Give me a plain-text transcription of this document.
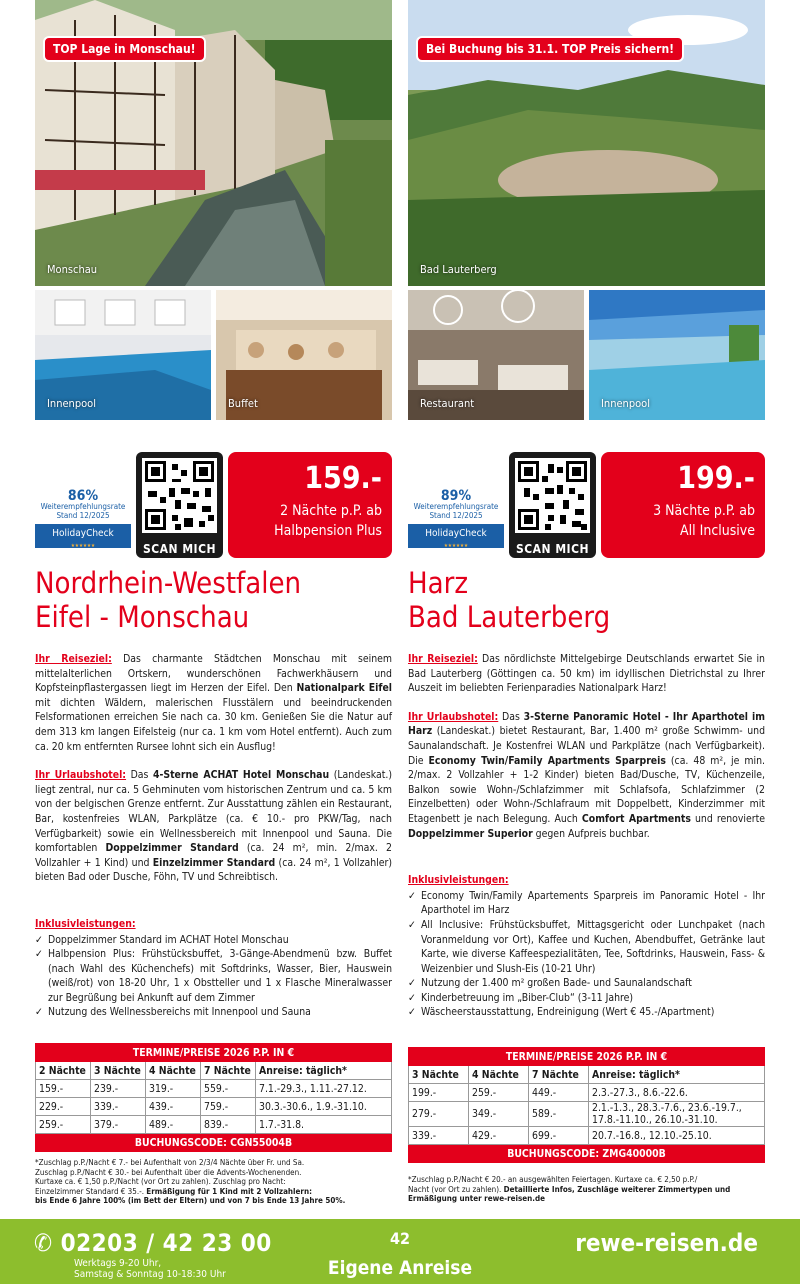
TOP Lage in Monschau!
Monschau
Innenpool	Buffet
86%
Weiterempfehlungsrate
Stand 12/2025
HolidayCheck
★★★★★★	SCAN MICH
159.-
2 Nächte p.P. ab
Halbpension Plus
Nordrhein-Westfalen
Eifel - Monschau

Ihr Reiseziel: Das charmante Städtchen Monschau mit seinem mittelalterlichen Ortskern, wunderschönen Fachwerkhäusern und Kopfsteinpflastergassen liegt im Herzen der Eifel. Den Nationalpark Eifel mit dichten Wäldern, malerischen Flusstälern und beeindruckenden Felsformationen erreichen Sie nach ca. 30 km. Genießen Sie die Natur auf dem 313 km langen Eifelsteig (nur ca. 1 km vom Hotel entfernt). Auch zum ca. 20 km entfernten Rursee lohnt sich ein Ausflug!

Ihr Urlaubshotel: Das 4-Sterne ACHAT Hotel Monschau (Landeskat.) liegt zentral, nur ca. 5 Gehminuten vom historischen Zentrum und ca. 5 km von der belgischen Grenze entfernt. Zur Ausstattung zählen ein Restaurant, Bar, kostenfreies WLAN, Parkplätze (ca. € 10.- pro PKW/Tag, nach Verfügbarkeit) sowie ein Wellnessbereich mit Innenpool und Sauna. Die komfortablen Doppelzimmer Standard (ca. 24 m², min. 2/max. 2 Vollzahler + 1 Kind) und Einzelzimmer Standard (ca. 24 m², 1 Vollzahler) bieten Bad oder Dusche, Föhn, TV und Schreibtisch.

Inklusivleistungen:
✓ Doppelzimmer Standard im ACHAT Hotel Monschau
✓ Halbpension Plus: Frühstücksbuffet, 3-Gänge-Abendmenü bzw. Buffet (nach Wahl des Küchenchefs) mit Softdrinks, Wasser, Bier, Hauswein (weiß/rot) von 18-20 Uhr, 1 x Obstteller und 1 x Flasche Mineralwasser zur Begrüßung bei Ankunft auf dem Zimmer
✓ Nutzung des Wellnessbereichs mit Innenpool und Sauna
TERMINE/PREISE 2026 P.P. IN €				
2 Nächte	3 Nächte	4 Nächte	7 Nächte	Anreise: täglich*
159.-	239.-	319.-	559.-	7.1.-29.3., 1.11.-27.12.
229.-	339.-	439.-	759.-	30.3.-30.6., 1.9.-31.10.
259.-	379.-	489.-	839.-	1.7.-31.8.
BUCHUNGSCODE: CGN55004B				
*Zuschlag p.P./Nacht € 7.- bei Aufenthalt von 2/3/4 Nächte über Fr. und Sa.
Zuschlag p.P./Nacht € 30.- bei Aufenthalt über die Advents-Wochenenden.
Kurtaxe ca. € 1,50 p.P./Nacht (vor Ort zu zahlen). Zuschlag pro Nacht:
Einzelzimmer Standard € 35.-. Ermäßigung für 1 Kind mit 2 Vollzahlern:
bis Ende 6 Jahre 100% (im Bett der Eltern) und von 7 bis Ende 13 Jahre 50%.
Bei Buchung bis 31.1. TOP Preis sichern!
Bad Lauterberg
Restaurant	Innenpool
89%
Weiterempfehlungsrate
Stand 12/2025
HolidayCheck
★★★★★★	SCAN MICH
199.-
3 Nächte p.P. ab
All Inclusive
Harz
Bad Lauterberg

Ihr Reiseziel: Das nördlichste Mittelgebirge Deutschlands erwartet Sie in Bad Lauterberg (Göttingen ca. 50 km) im idyllischen Dietrichstal zu Ihrer Auszeit im beliebten Ferienparadies Nationalpark Harz!

Ihr Urlaubshotel: Das 3-Sterne Panoramic Hotel - Ihr Aparthotel im Harz (Landeskat.) bietet Restaurant, Bar, 1.400 m² große Schwimm- und Saunalandschaft. Je Kostenfrei WLAN und Parkplätze (nach Verfügbarkeit). Die Economy Twin/Family Apartments Sparpreis (ca. 48 m², je min. 2/max. 2 Vollzahler + 1-2 Kinder) bieten Bad/Dusche, TV, Küchenzeile, Balkon sowie Wohn-/Schlafzimmer mit Schlafsofa, Schlafzimmer (2 Einzelbetten) oder Wohn-/Schlafraum mit Doppelbett, Kinderzimmer mit Etagenbett je nach Belegung. Auch Comfort Apartments und renovierte Doppelzimmer Superior gegen Aufpreis buchbar.

Inklusivleistungen:
✓ Economy Twin/Family Apartements Sparpreis im Panoramic Hotel - Ihr Aparthotel im Harz
✓ All Inclusive: Frühstücksbuffet, Mittagsgericht oder Lunchpaket (nach Voranmeldung vor Ort), Kaffee und Kuchen, Abendbuffet, Getränke laut Karte, wie diverse Kaffeespezialitäten, Tee, Softdrinks, Hauswein, Fass- & Weizenbier und Slush-Eis (10-21 Uhr)
✓ Nutzung der 1.400 m² großen Bade- und Saunalandschaft
✓ Kinderbetreuung im „Biber-Club“ (3-11 Jahre)
✓ Wäscheerstausstattung, Endreinigung (Wert € 45.-/Apartment)
TERMINE/PREISE 2026 P.P. IN €			
3 Nächte	4 Nächte	7 Nächte	Anreise: täglich*
199.-	259.-	449.-	2.3.-27.3., 8.6.-22.6.
279.-	349.-	589.-	2.1.-1.3., 28.3.-7.6., 23.6.-19.7., 17.8.-11.10., 26.10.-31.10.
339.-	429.-	699.-	20.7.-16.8., 12.10.-25.10.
BUCHUNGSCODE: ZMG40000B			
*Zuschlag p.P./Nacht € 20.- an ausgewählten Feiertagen. Kurtaxe ca. € 2,50 p.P./
Nacht (vor Ort zu zahlen). Detaillierte Infos, Zuschläge weiterer Zimmertypen und
Ermäßigung unter rewe-reisen.de
✆ 02203 / 42 23 00
Werktags 9-20 Uhr,
Samstag & Sonntag 10-18:30 Uhr
42
Eigene Anreise
rewe-reisen.de
